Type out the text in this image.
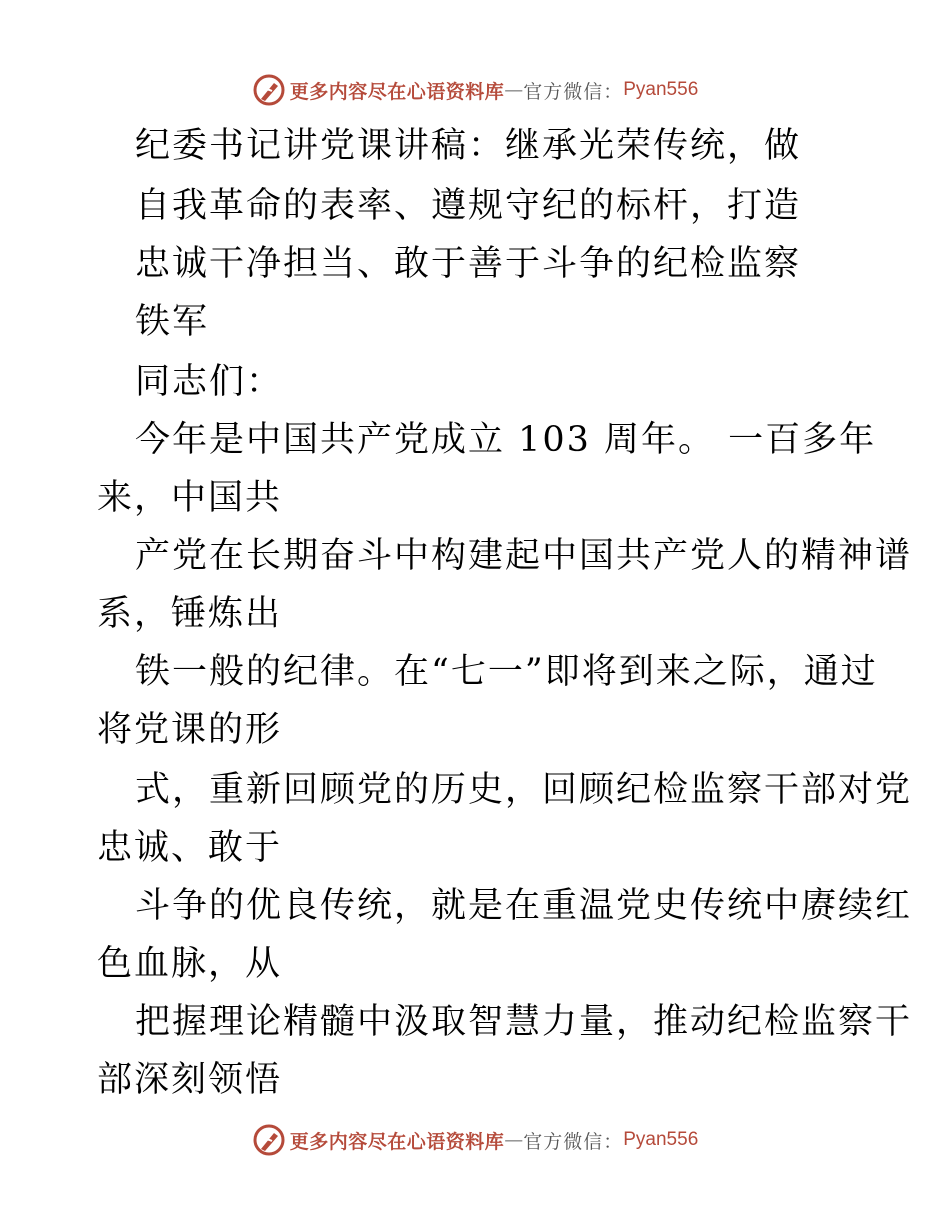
更多内容尽在心语资料库 — 官方微信： Pyan556
纪委书记讲党课讲稿：继承光荣传统，做
自我革命的表率、遵规守纪的标杆，打造
忠诚干净担当、敢于善于斗争的纪检监察
铁军
同志们：
今年是中国共产党成立 103 周年。 一百多年
来，中国共
产党在长期奋斗中构建起中国共产党人的精神谱
系，锤炼出
铁一般的纪律。在“七一”即将到来之际，通过
将党课的形
式，重新回顾党的历史，回顾纪检监察干部对党
忠诚、敢于
斗争的优良传统，就是在重温党史传统中赓续红
色血脉，从
把握理论精髓中汲取智慧力量，推动纪检监察干
部深刻领悟
更多内容尽在心语资料库 — 官方微信： Pyan556
